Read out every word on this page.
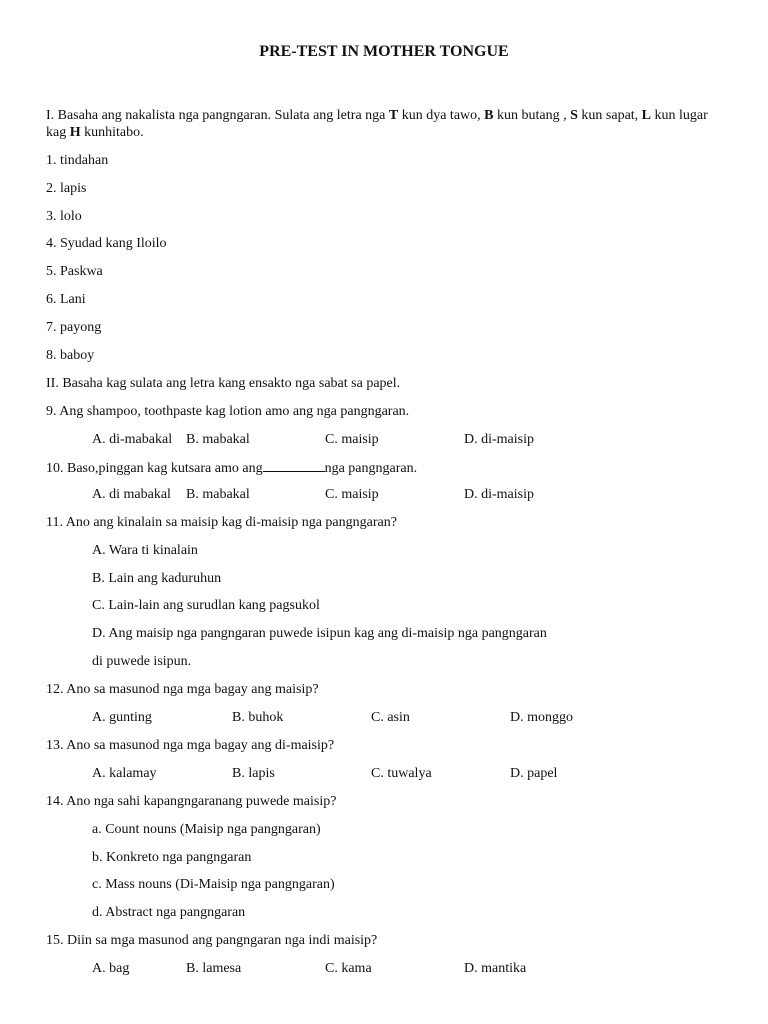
PRE-TEST IN MOTHER TONGUE
I. Basaha ang nakalista nga pangngaran. Sulata ang letra nga T kun dya tawo, B kun butang , S kun sapat, L kun lugar kag H kunhitabo.
1. tindahan
2. lapis
3. lolo
4. Syudad kang Iloilo
5. Paskwa
6. Lani
7. payong
8. baboy
II. Basaha kag sulata ang letra kang ensakto nga sabat sa papel.
9. Ang shampoo, toothpaste kag lotion amo ang nga pangngaran.
A. di-mabakal B. mabakal	C. maisip	D. di-maisip
10. Baso,pinggan kag kutsara amo ang	nga pangngaran.
A. di mabakal B. mabakal	C. maisip	D. di-maisip
11. Ano ang kinalain sa maisip kag di-maisip nga pangngaran?
A. Wara ti kinalain
B. Lain ang kaduruhun
C. Lain-lain ang surudlan kang pagsukol
D. Ang maisip nga pangngaran puwede isipun kag ang di-maisip nga pangngaran
di puwede isipun.
12. Ano sa masunod nga mga bagay ang maisip?
A. gunting	B. buhok	C. asin	D. monggo
13. Ano sa masunod nga mga bagay ang di-maisip?
A. kalamay	B. lapis	C. tuwalya	D. papel
14. Ano nga sahi kapangngaranang puwede maisip?
a. Count nouns (Maisip nga pangngaran)
b. Konkreto nga pangngaran
c. Mass nouns (Di-Maisip nga pangngaran)
d. Abstract nga pangngaran
15. Diin sa mga masunod ang pangngaran nga indi maisip?
A. bag	B. lamesa	C. kama	D. mantika
